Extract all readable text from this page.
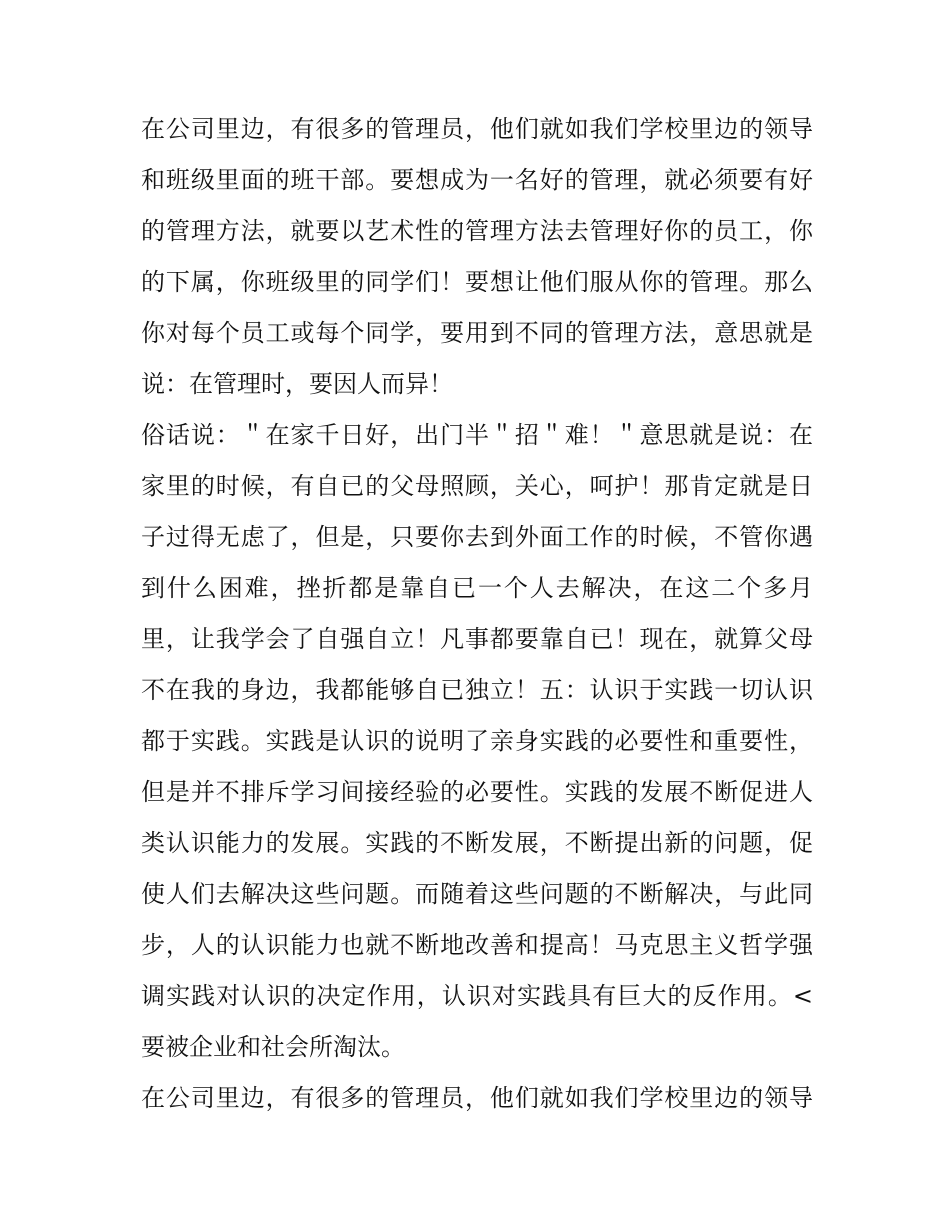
在公司里边，有很多的管理员，他们就如我们学校里边的领导
和班级里面的班干部。要想成为一名好的管理，就必须要有好
的管理方法，就要以艺术性的管理方法去管理好你的员工，你
的下属，你班级里的同学们！要想让他们服从你的管理。那么
你对每个员工或每个同学，要用到不同的管理方法，意思就是
说：在管理时，要因人而异！
俗话说：＂在家千日好，出门半＂招＂难！＂意思就是说：在
家里的时候，有自已的父母照顾，关心，呵护！那肯定就是日
子过得无虑了，但是，只要你去到外面工作的时候，不管你遇
到什么困难，挫折都是靠自已一个人去解决，在这二个多月
里，让我学会了自强自立！凡事都要靠自已！现在，就算父母
不在我的身边，我都能够自已独立！五：认识于实践一切认识
都于实践。实践是认识的说明了亲身实践的必要性和重要性，
但是并不排斥学习间接经验的必要性。实践的发展不断促进人
类认识能力的发展。实践的不断发展，不断提出新的问题，促
使人们去解决这些问题。而随着这些问题的不断解决，与此同
步，人的认识能力也就不断地改善和提高！马克思主义哲学强
调实践对认识的决定作用，认识对实践具有巨大的反作用。<
要被企业和社会所淘汰。
在公司里边，有很多的管理员，他们就如我们学校里边的领导
